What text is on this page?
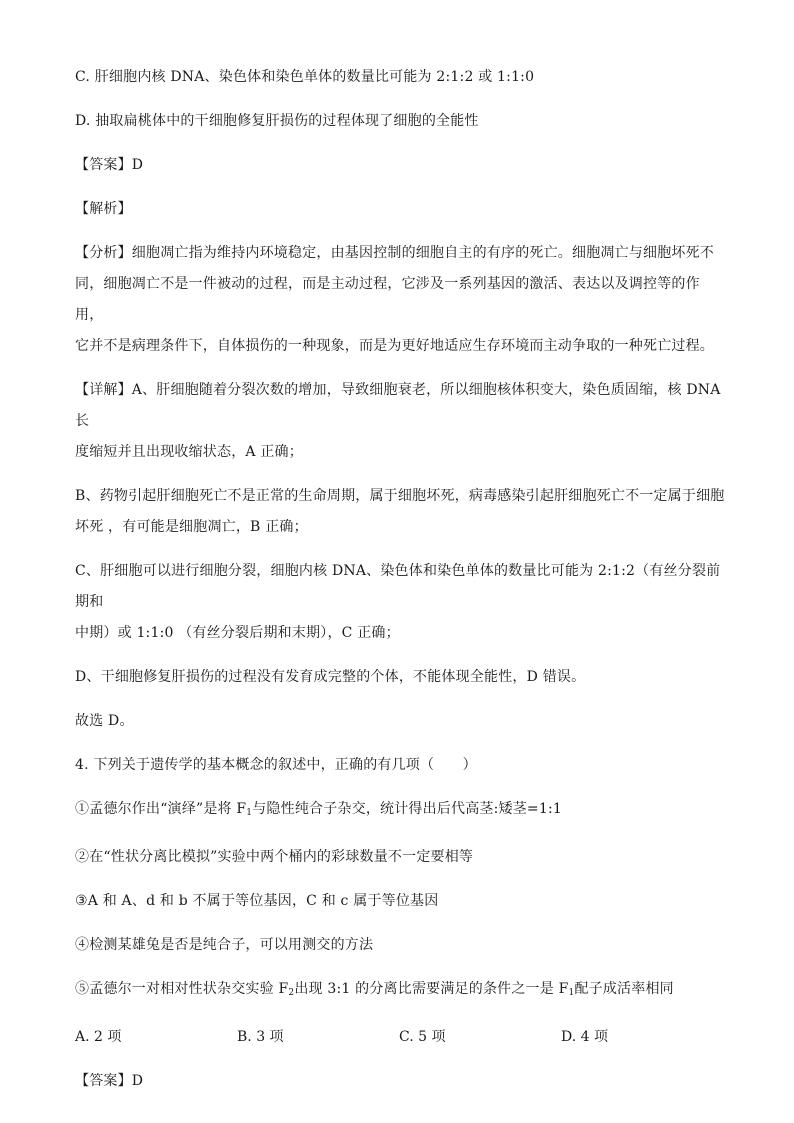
C. 肝细胞内核 DNA、染色体和染色单体的数量比可能为 2:1:2 或 1:1:0

D. 抽取扁桃体中的干细胞修复肝损伤的过程体现了细胞的全能性

【答案】D

【解析】

【分析】细胞凋亡指为维持内环境稳定，由基因控制的细胞自主的有序的死亡。细胞凋亡与细胞坏死不

同，细胞凋亡不是一件被动的过程，而是主动过程，它涉及一系列基因的激活、表达以及调控等的作用，

它并不是病理条件下，自体损伤的一种现象，而是为更好地适应生存环境而主动争取的一种死亡过程。

【详解】A、肝细胞随着分裂次数的增加，导致细胞衰老，所以细胞核体积变大，染色质固缩，核 DNA 长

度缩短并且出现收缩状态，A 正确；

B、药物引起肝细胞死亡不是正常的生命周期，属于细胞坏死，病毒感染引起肝细胞死亡不一定属于细胞

坏死 ，有可能是细胞凋亡，B 正确；

C、肝细胞可以进行细胞分裂，细胞内核 DNA、染色体和染色单体的数量比可能为 2:1:2（有丝分裂前期和

中期）或 1:1:0 （有丝分裂后期和末期），C 正确；

D、干细胞修复肝损伤的过程没有发育成完整的个体，不能体现全能性，D 错误。

故选 D。

4. 下列关于遗传学的基本概念的叙述中，正确的有几项（　　）

①孟德尔作出“演绎”是将 $F_1$与隐性纯合子杂交，统计得出后代高茎:矮茎=1:1

②在“性状分离比模拟”实验中两个桶内的彩球数量不一定要相等

③A 和 A、d 和 b 不属于等位基因，C 和 c 属于等位基因

④检测某雄兔是否是纯合子，可以用测交的方法

⑤孟德尔一对相对性状杂交实验 $F_2$出现 3:1 的分离比需要满足的条件之一是 $F_1$配子成活率相同

A. 2 项	B. 3 项	C. 5 项	D. 4 项

【答案】D
